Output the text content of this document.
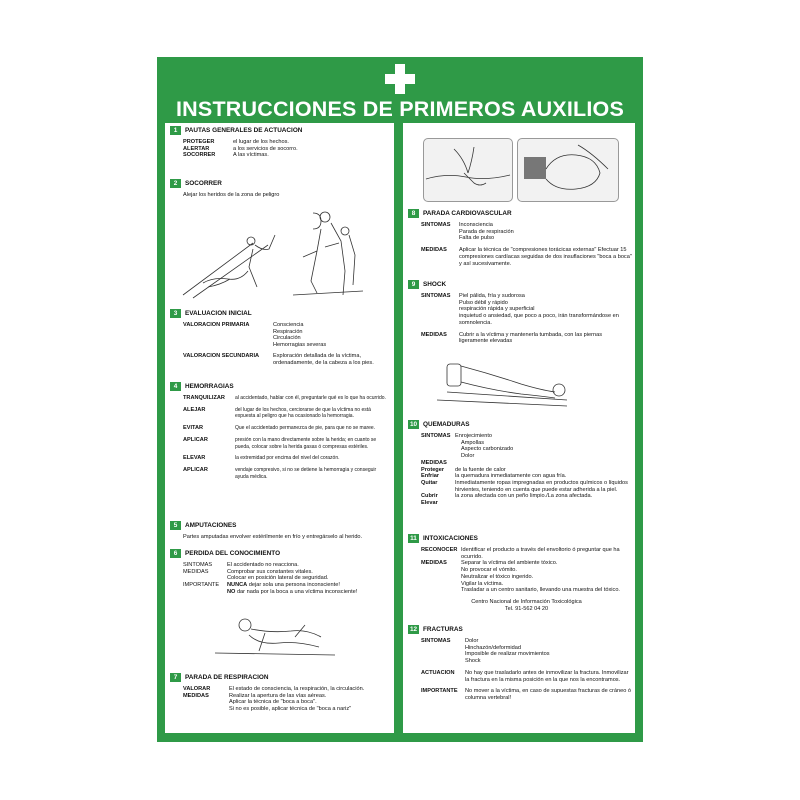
INSTRUCCIONES DE PRIMEROS AUXILIOS
1	PAUTAS GENERALES DE ACTUACION
PROTEGER	el lugar de los hechos.
ALERTAR	a los servicios de socorro.
SOCORRER	A las víctimas.
2	SOCORRER
Alejar los heridos de la zona de peligro
3	EVALUACION INICIAL
VALORACION PRIMARIA	Consciencia
Respiración
Circulación
Hemorragias severas
VALORACION SECUNDARIA	Exploración detallada de la víctima, ordenadamente, de la cabeza a los pies.
4	HEMORRAGIAS
TRANQUILIZAR	al accidentado, hablar con él, preguntarle qué es lo que ha ocurrido.
ALEJAR	del lugar de los hechos, cerciorarse de que la víctima no está expuesta al peligro que ha ocasionado la hemorragia.
EVITAR	Que el accidentado permanezca de pie, para que no se maree.
APLICAR	presión con la mano directamente sobre la herida; en cuanto se pueda, colocar sobre la herida gasas ó compresas estériles.
ELEVAR	la extremidad por encima del nivel del corazón.
APLICAR	vendaje compresivo, si no se detiene la hemorragia y conseguir ayuda médica.
5	AMPUTACIONES
Partes amputadas envolver estérilmente en frío y entregárselo al herido.
6	PERDIDA DEL CONOCIMIENTO
SINTOMAS	El accidentado no reacciona.
MEDIDAS	Comprobar sus constantes vitales.
Colocar en posición lateral de seguridad.
IMPORTANTE	NUNCA dejar sola una persona inconsciente!
NO dar nada por la boca a una víctima inconsciente!
7	PARADA DE RESPIRACION
VALORAR	El estado de consciencia, la respiración, la circulación.
MEDIDAS	Realizar la apertura de las vías aéreas.
Aplicar la técnica de "boca a boca".
Si no es posible, aplicar técnica de "boca a nariz"
8	PARADA CARDIOVASCULAR
SINTOMAS	Inconsciencia
Parada de respiración
Falta de pulso
MEDIDAS	Aplicar la técnica de "compresiones torácicas externas" Efectuar 15 compresiones cardíacas seguidas de dos insuflaciones "boca a boca" y así sucesivamente.
9	SHOCK
SINTOMAS	Piel pálida, fría y sudorosa
Pulso débil y rápido
respiración rápida y superficial
inquietud o ansiedad, que poco a poco, irán transformándose en somnolencia.
MEDIDAS	Cubrir a la víctima y mantenerla tumbada, con las piernas ligeramente elevadas
10 QUEMADURAS
SINTOMAS Enrojecimiento
Ampollas
Aspecto carbonizado
Dolor
MEDIDAS
Proteger	de la fuente de calor
Enfriar	la quemadura inmediatamente con agua fría.
Quitar	Inmediatamente ropas impregnadas en productos químicos o líquidos hirvientes, teniendo en cuenta que puede estar adherida a la piel.
Cubrir	la zona afectada con un peño limpio./La zona afectada.
Elevar
11 INTOXICACIONES
RECONOCER Identificar el producto a través del envoltorio ó preguntar que ha ocurrido.
MEDIDAS	Separar la víctima del ambiente tóxico.
No provocar el vómito.
Neutralizar el tóxico ingerido.
Vigilar la víctima.
Trasladar a un centro sanitario, llevando una muestra del tóxico.
Centro Nacional de Información Toxicológica
Tel. 91-562 04 20
12 FRACTURAS
SINTOMAS	Dolor
Hinchazón/deformidad
Imposible de realizar movimientos
Shock
ACTUACION	No hay que trasladarlo antes de inmovilizar la fractura. Inmovilizar la fractura en la misma posición en la que nos la encontramos.
IMPORTANTE	No mover a la víctima, en caso de supuestas fracturas de cráneo ó columna vertebral!
